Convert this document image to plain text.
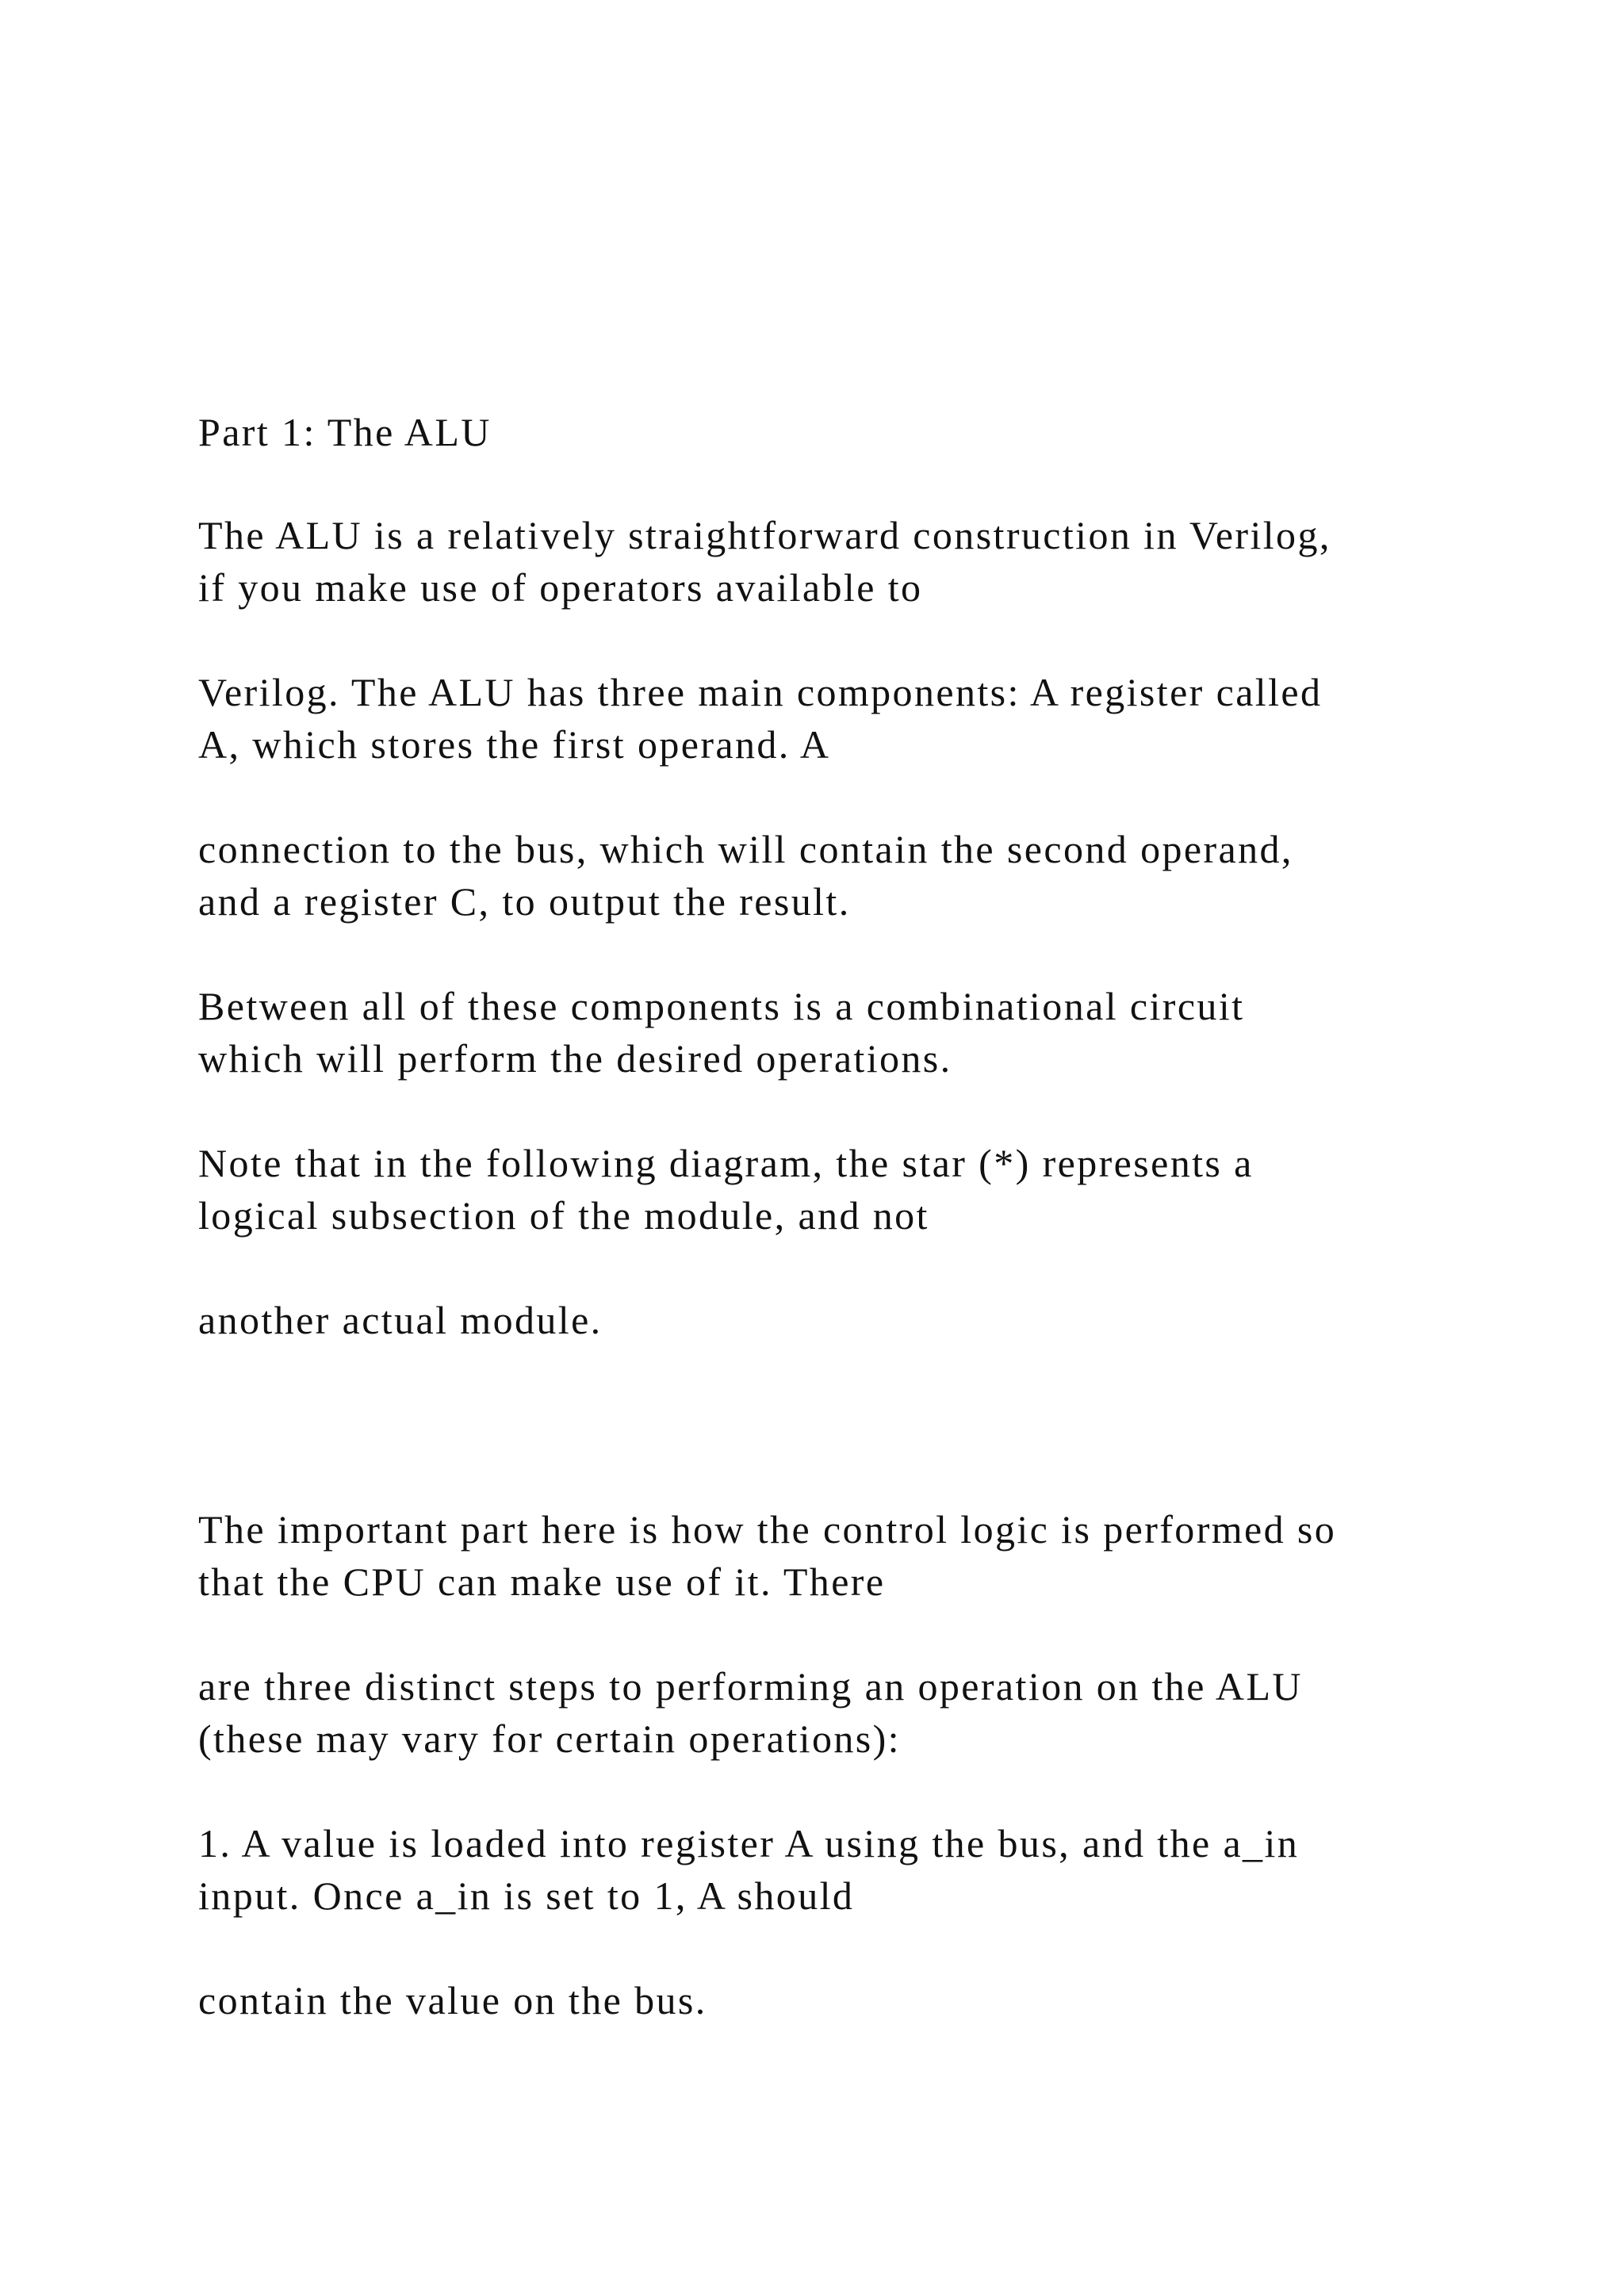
Part 1: The ALU
The ALU is a relatively straightforward construction in Verilog,
if you make use of operators available to
Verilog. The ALU has three main components: A register called
A, which stores the first operand. A
connection to the bus, which will contain the second operand,
and a register C, to output the result.
Between all of these components is a combinational circuit
which will perform the desired operations.
Note that in the following diagram, the star (*) represents a
logical subsection of the module, and not
another actual module.
The important part here is how the control logic is performed so
that the CPU can make use of it. There
are three distinct steps to performing an operation on the ALU
(these may vary for certain operations):
1. A value is loaded into register A using the bus, and the a_in
input. Once a_in is set to 1, A should
contain the value on the bus.
